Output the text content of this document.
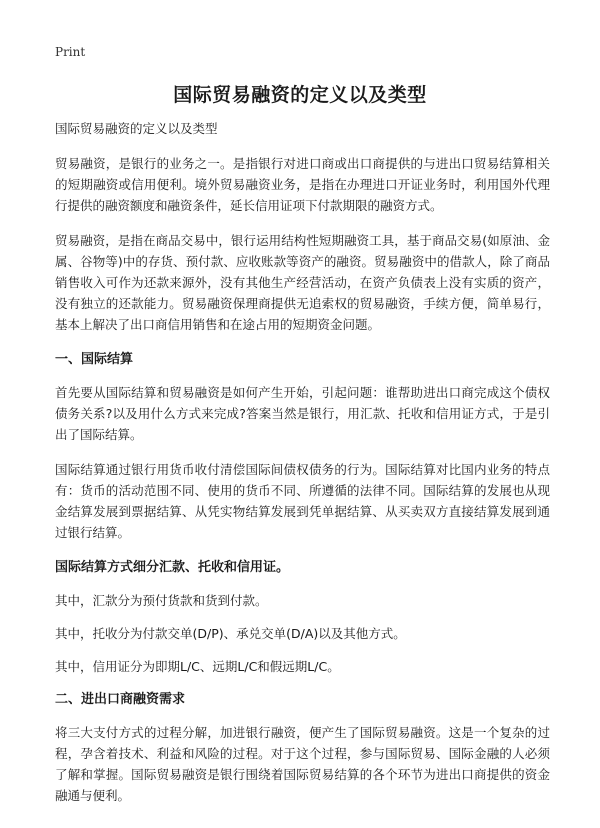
Print
国际贸易融资的定义以及类型

国际贸易融资的定义以及类型

贸易融资，是银行的业务之一。是指银行对进口商或出口商提供的与进出口贸易结算相关的短期融资或信用便利。境外贸易融资业务，是指在办理进口开证业务时，利用国外代理行提供的融资额度和融资条件，延长信用证项下付款期限的融资方式。

贸易融资，是指在商品交易中，银行运用结构性短期融资工具，基于商品交易(如原油、金属、谷物等)中的存货、预付款、应收账款等资产的融资。贸易融资中的借款人，除了商品销售收入可作为还款来源外，没有其他生产经营活动，在资产负债表上没有实质的资产，没有独立的还款能力。贸易融资保理商提供无追索权的贸易融资，手续方便，简单易行，基本上解决了出口商信用销售和在途占用的短期资金问题。

一、国际结算

首先要从国际结算和贸易融资是如何产生开始，引起问题：谁帮助进出口商完成这个债权债务关系?以及用什么方式来完成?答案当然是银行，用汇款、托收和信用证方式，于是引出了国际结算。

国际结算通过银行用货币收付清偿国际间债权债务的行为。国际结算对比国内业务的特点有：货币的活动范围不同、使用的货币不同、所遵循的法律不同。国际结算的发展也从现金结算发展到票据结算、从凭实物结算发展到凭单据结算、从买卖双方直接结算发展到通过银行结算。

国际结算方式细分汇款、托收和信用证。

其中，汇款分为预付货款和货到付款。

其中，托收分为付款交单(D/P)、承兑交单(D/A)以及其他方式。

其中，信用证分为即期L/C、远期L/C和假远期L/C。

二、进出口商融资需求

将三大支付方式的过程分解，加进银行融资，便产生了国际贸易融资。这是一个复杂的过程，孕含着技术、利益和风险的过程。对于这个过程，参与国际贸易、国际金融的人必须了解和掌握。国际贸易融资是银行围绕着国际贸易结算的各个环节为进出口商提供的资金融通与便利。
